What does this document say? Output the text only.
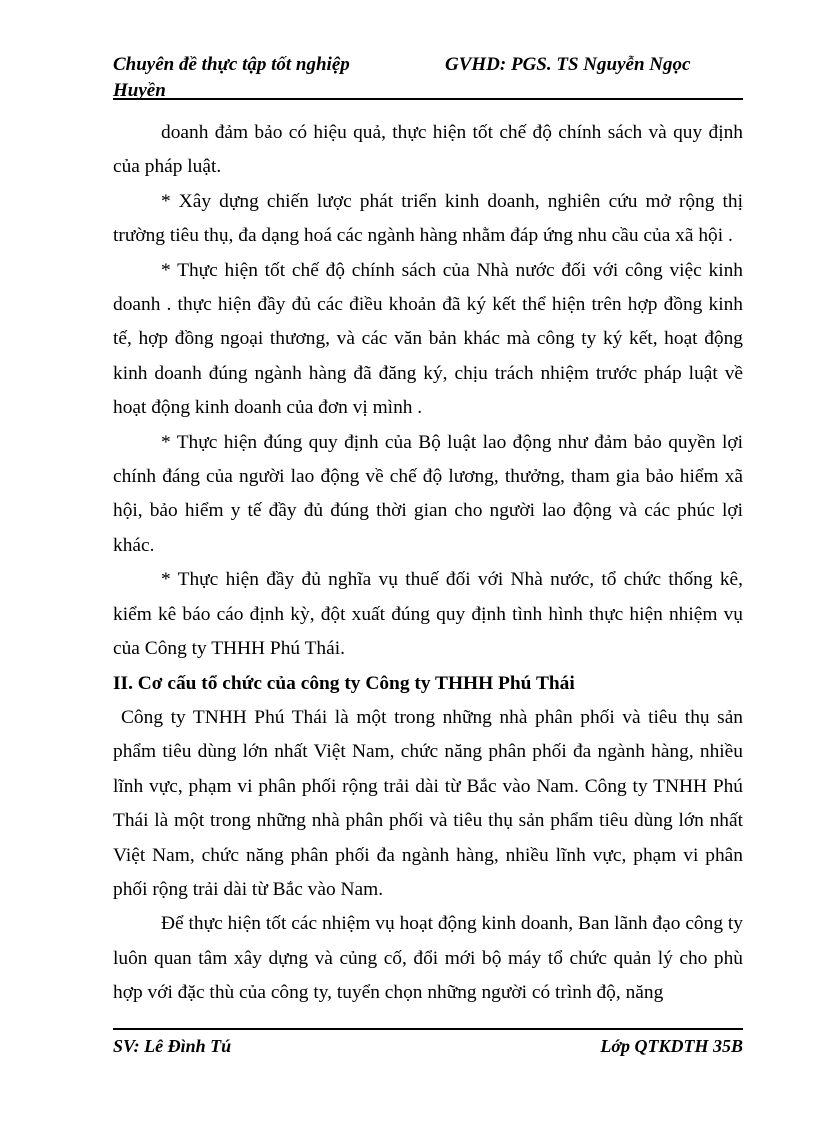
Chuyên đề thực tập tốt nghiệp	GVHD: PGS. TS Nguyễn Ngọc
Huyền

doanh đảm bảo có hiệu quả, thực hiện tốt chế độ chính sách và quy định của pháp luật.

* Xây dựng chiến lược phát triển kinh doanh, nghiên cứu mở rộng thị trường tiêu thụ, đa dạng hoá các ngành hàng nhằm đáp ứng nhu cầu của xã hội .

* Thực hiện tốt chế độ chính sách của Nhà nước đối với công việc kinh doanh . thực hiện đầy đủ các điều khoản đã ký kết thể hiện trên hợp đồng kinh tế, hợp đồng ngoại thương, và các văn bản khác mà công ty ký kết, hoạt động kinh doanh đúng ngành hàng đã đăng ký, chịu trách nhiệm trước pháp luật về hoạt động kinh doanh của đơn vị mình .

* Thực hiện đúng quy định của Bộ luật lao động như đảm bảo quyền lợi chính đáng của người lao động về chế độ lương, thưởng, tham gia bảo hiểm xã hội, bảo hiểm y tế đầy đủ đúng thời gian cho người lao động và các phúc lợi khác.

* Thực hiện đầy đủ nghĩa vụ thuế đối với Nhà nước, tổ chức thống kê, kiểm kê báo cáo định kỳ, đột xuất đúng quy định tình hình thực hiện nhiệm vụ của Công ty THHH Phú Thái.

II. Cơ cấu tổ chức của công ty Công ty THHH Phú Thái

Công ty TNHH Phú Thái là một trong những nhà phân phối và tiêu thụ sản phẩm tiêu dùng lớn nhất Việt Nam, chức năng phân phối đa ngành hàng, nhiều lĩnh vực, phạm vi phân phối rộng trải dài từ Bắc vào Nam. Công ty TNHH Phú Thái là một trong những nhà phân phối và tiêu thụ sản phẩm tiêu dùng lớn nhất Việt Nam, chức năng phân phối đa ngành hàng, nhiều lĩnh vực, phạm vi phân phối rộng trải dài từ Bắc vào Nam.

Để thực hiện tốt các nhiệm vụ hoạt động kinh doanh, Ban lãnh đạo công ty luôn quan tâm xây dựng và củng cố, đổi mới bộ máy tổ chức quản lý cho phù hợp với đặc thù của công ty, tuyển chọn những người có trình độ, năng

SV: Lê Đình Tú	Lớp QTKDTH 35B
